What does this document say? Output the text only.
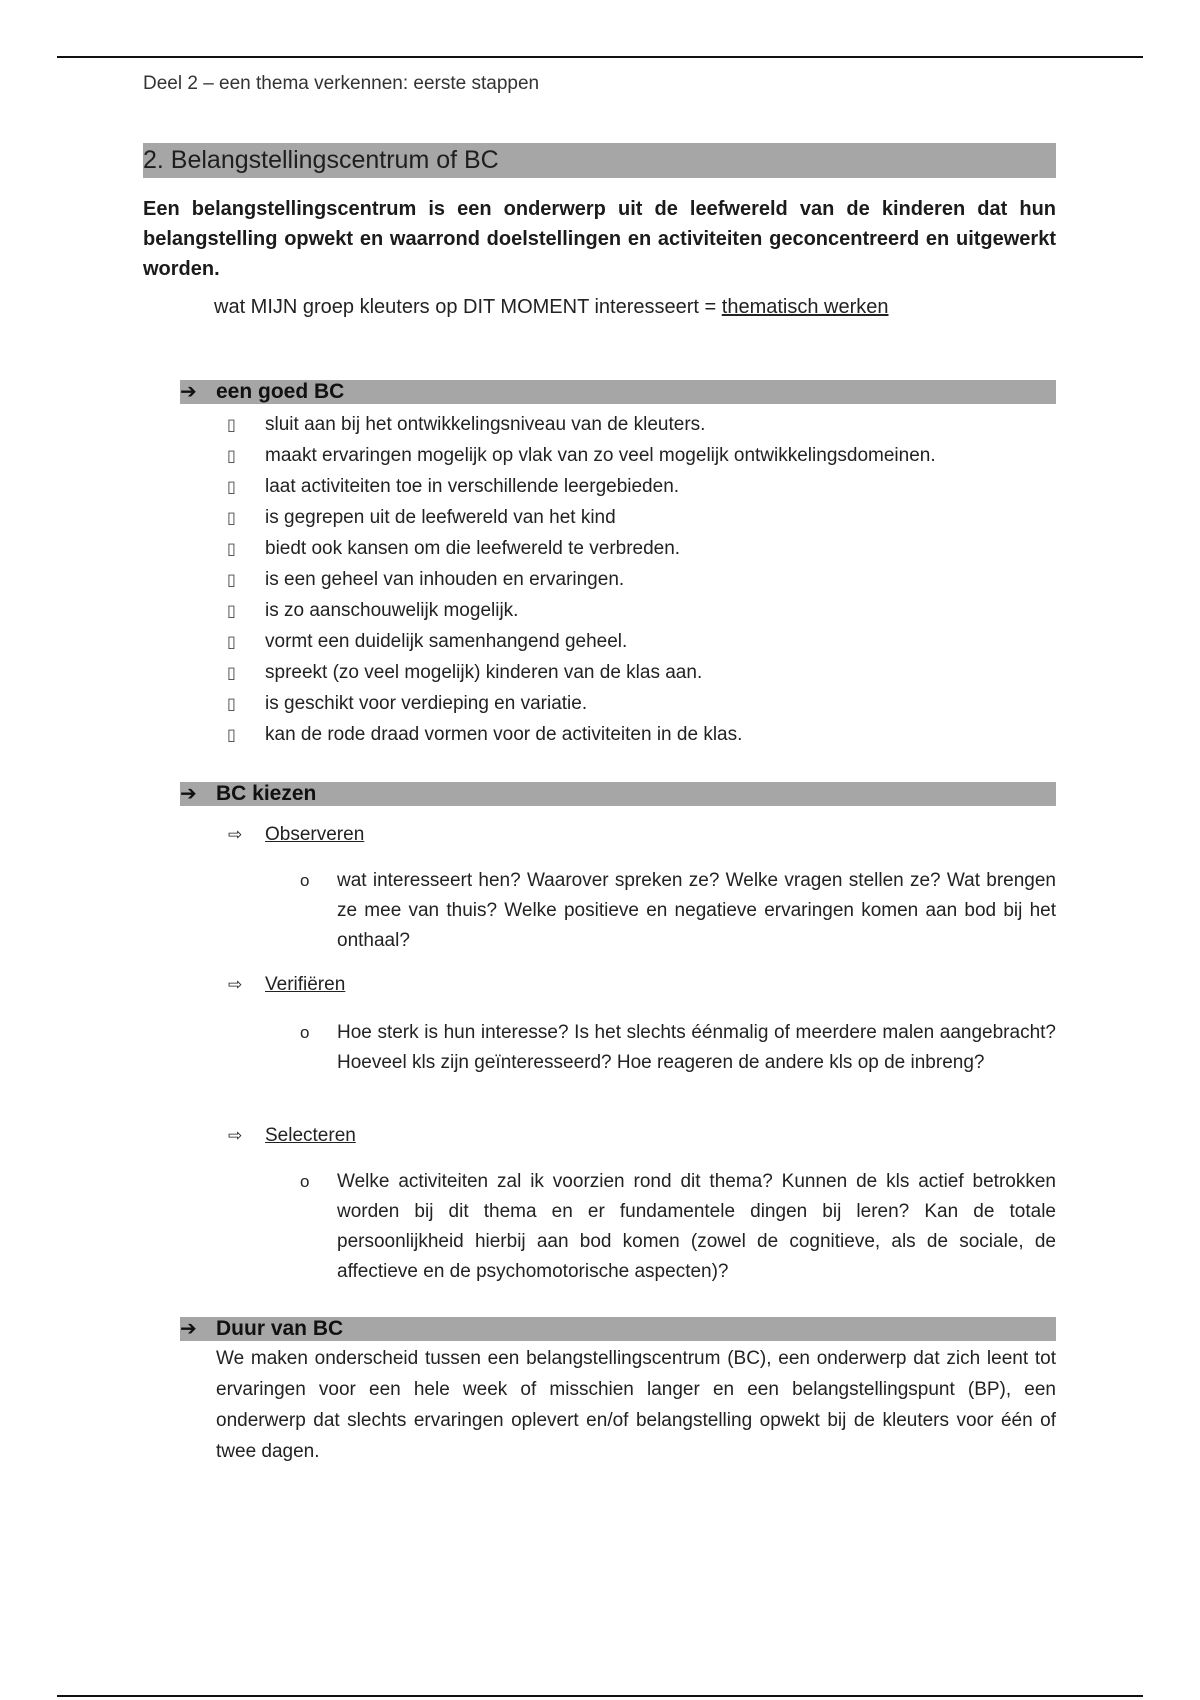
Deel 2 – een thema verkennen: eerste stappen
2. Belangstellingscentrum of BC
Een belangstellingscentrum is een onderwerp uit de leefwereld van de kinderen dat hun belangstelling opwekt en waarrond doelstellingen en activiteiten geconcentreerd en uitgewerkt worden.
wat MIJN groep kleuters op DIT MOMENT interesseert = thematisch werken
➔ een goed BC
▯ sluit aan bij het ontwikkelingsniveau van de kleuters.
▯ maakt ervaringen mogelijk op vlak van zo veel mogelijk ontwikkelingsdomeinen.
▯ laat activiteiten toe in verschillende leergebieden.
▯ is gegrepen uit de leefwereld van het kind
▯ biedt ook kansen om die leefwereld te verbreden.
▯ is een geheel van inhouden en ervaringen.
▯ is zo aanschouwelijk mogelijk.
▯ vormt een duidelijk samenhangend geheel.
▯ spreekt (zo veel mogelijk) kinderen van de klas aan.
▯ is geschikt voor verdieping en variatie.
▯ kan de rode draad vormen voor de activiteiten in de klas.
➔ BC kiezen
⇨ Observeren
o wat interesseert hen? Waarover spreken ze? Welke vragen stellen ze? Wat brengen ze mee van thuis? Welke positieve en negatieve ervaringen komen aan bod bij het onthaal?
⇨ Verifiëren
o Hoe sterk is hun interesse? Is het slechts éénmalig of meerdere malen aangebracht? Hoeveel kls zijn geïnteresseerd? Hoe reageren de andere kls op de inbreng?
⇨ Selecteren
o Welke activiteiten zal ik voorzien rond dit thema? Kunnen de kls actief betrokken worden bij dit thema en er fundamentele dingen bij leren? Kan de totale persoonlijkheid hierbij aan bod komen (zowel de cognitieve, als de sociale, de affectieve en de psychomotorische aspecten)?
➔ Duur van BC
We maken onderscheid tussen een belangstellingscentrum (BC), een onderwerp dat zich leent tot ervaringen voor een hele week of misschien langer en een belangstellingspunt (BP), een onderwerp dat slechts ervaringen oplevert en/of belangstelling opwekt bij de kleuters voor één of twee dagen.
